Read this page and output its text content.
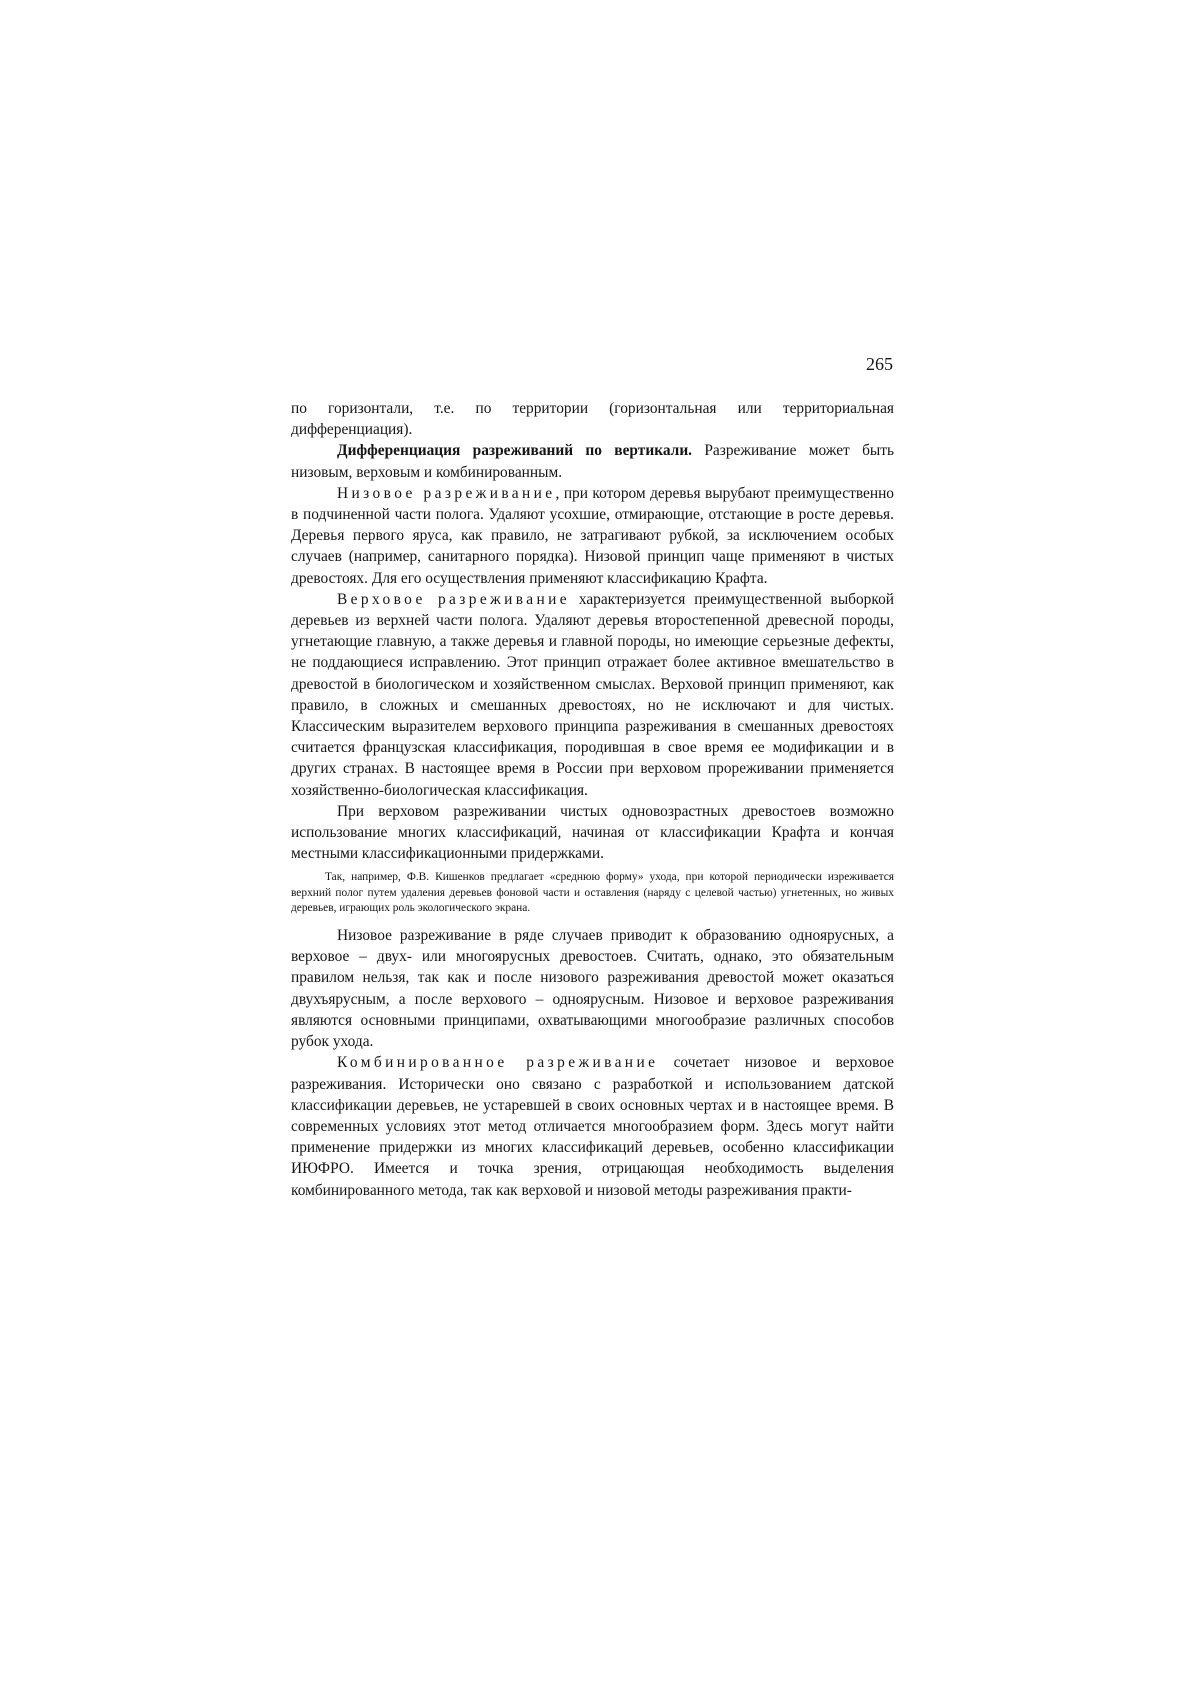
265

по горизонтали, т.е. по территории (горизонтальная или территориальная дифференциация).

Дифференциация разреживаний по вертикали. Разреживание может быть низовым, верховым и комбинированным.

Низовое разреживание, при котором деревья вырубают преимущественно в подчиненной части полога. Удаляют усохшие, отмирающие, отстающие в росте деревья. Деревья первого яруса, как правило, не затрагивают рубкой, за исключением особых случаев (например, санитарного порядка). Низовой принцип чаще применяют в чистых древостоях. Для его осуществления применяют классификацию Крафта.

Верховое разреживание характеризуется преимущественной выборкой деревьев из верхней части полога. Удаляют деревья второстепенной древесной породы, угнетающие главную, а также деревья и главной породы, но имеющие серьезные дефекты, не поддающиеся исправлению. Этот принцип отражает более активное вмешательство в древостой в биологическом и хозяйственном смыслах. Верховой принцип применяют, как правило, в сложных и смешанных древостоях, но не исключают и для чистых. Классическим выразителем верхового принципа разреживания в смешанных древостоях считается французская классификация, породившая в свое время ее модификации и в других странах. В настоящее время в России при верховом прореживании применяется хозяйственно-биологическая классификация.

При верховом разреживании чистых одновозрастных древостоев возможно использование многих классификаций, начиная от классификации Крафта и кончая местными классификационными придержками.

Так, например, Ф.В. Кишенков предлагает «среднюю форму» ухода, при которой периодически изреживается верхний полог путем удаления деревьев фоновой части и оставления (наряду с целевой частью) угнетенных, но живых деревьев, играющих роль экологического экрана.

Низовое разреживание в ряде случаев приводит к образованию одноярусных, а верховое – двух- или многоярусных древостоев. Считать, однако, это обязательным правилом нельзя, так как и после низового разреживания древостой может оказаться двухъярусным, а после верхового – одноярусным. Низовое и верховое разреживания являются основными принципами, охватывающими многообразие различных способов рубок ухода.

Комбинированное разреживание сочетает низовое и верховое разреживания. Исторически оно связано с разработкой и использованием датской классификации деревьев, не устаревшей в своих основных чертах и в настоящее время. В современных условиях этот метод отличается многообразием форм. Здесь могут найти применение придержки из многих классификаций деревьев, особенно классификации ИЮФРО. Имеется и точка зрения, отрицающая необходимость выделения комбинированного метода, так как верховой и низовой методы разреживания практи-
